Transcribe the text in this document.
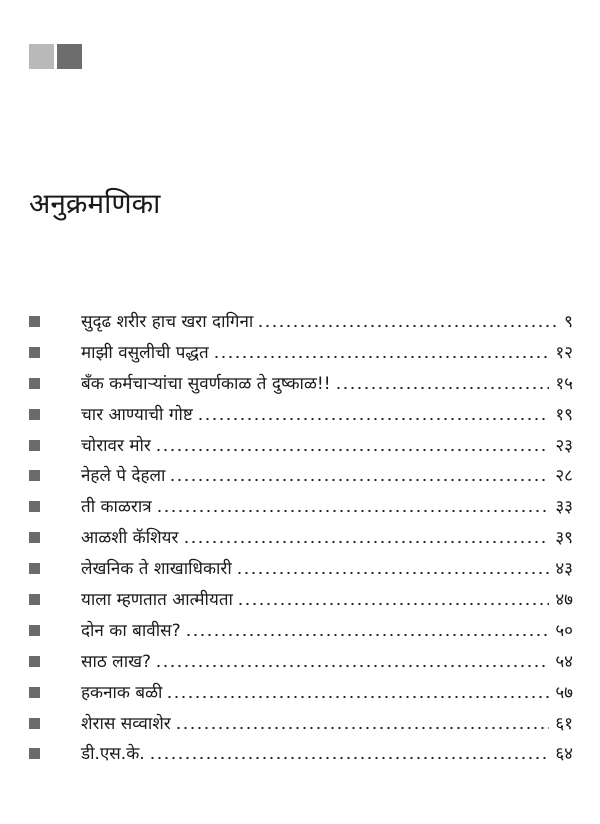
अनुक्रमणिका
सुदृढ शरीर हाच खरा दागिना	९
माझी वसुलीची पद्धत	१२
बँक कर्मचाऱ्यांचा सुवर्णकाळ ते दुष्काळ!!	१५
चार आण्याची गोष्ट	१९
चोरावर मोर	२३
नेहले पे देहला	२८
ती काळरात्र	३३
आळशी कॅशियर	३९
लेखनिक ते शाखाधिकारी	४३
याला म्हणतात आत्मीयता	४७
दोन का बावीस?	५०
साठ लाख?	५४
हकनाक बळी	५७
शेरास सव्वाशेर	६१
डी.एस.के.	६४
